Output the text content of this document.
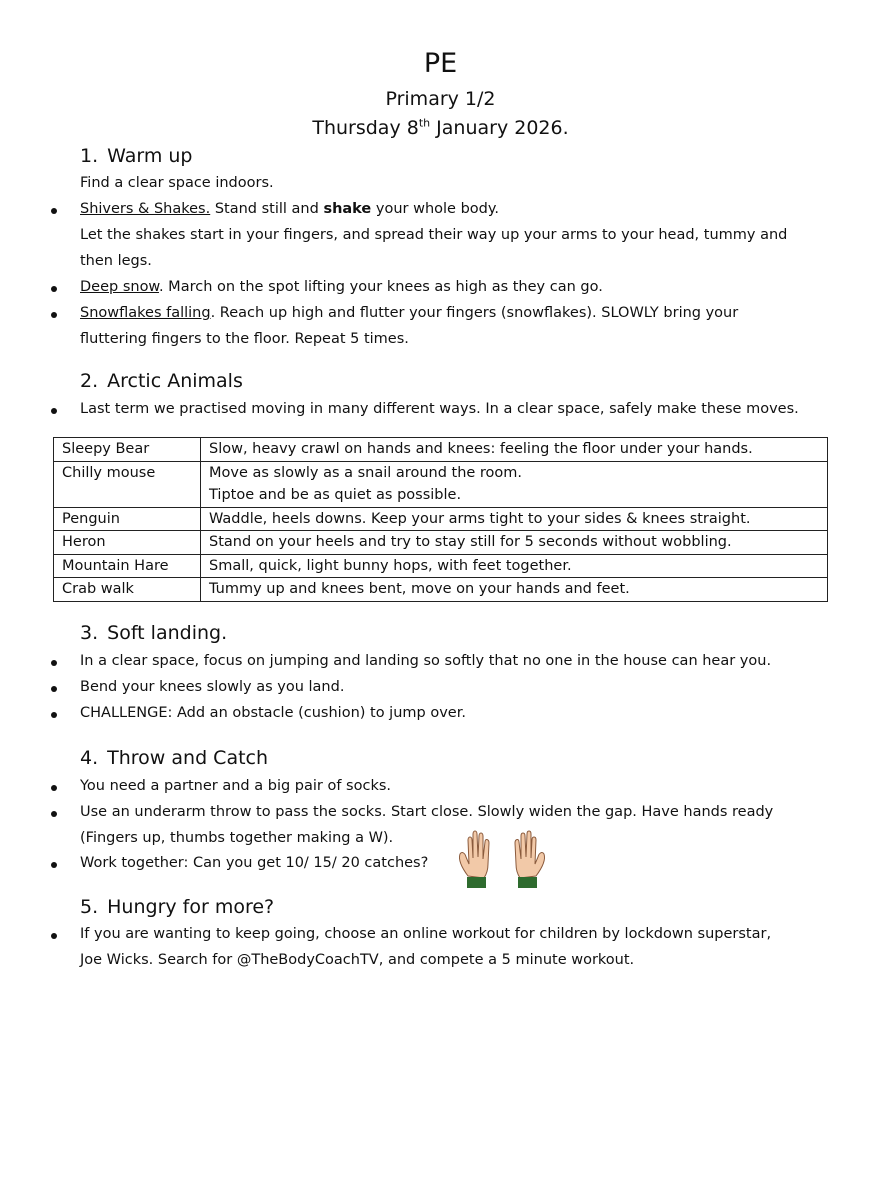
PE
Primary 1/2
Thursday 8th January 2026.
1. Warm up
Find a clear space indoors.
Shivers & Shakes. Stand still and shake your whole body.
Let the shakes start in your fingers, and spread their way up your arms to your head, tummy and
then legs.
Deep snow. March on the spot lifting your knees as high as they can go.
Snowflakes falling. Reach up high and flutter your fingers (snowflakes). SLOWLY bring your
fluttering fingers to the floor. Repeat 5 times.
2. Arctic Animals
Last term we practised moving in many different ways. In a clear space, safely make these moves.
Sleepy Bear	Slow, heavy crawl on hands and knees: feeling the floor under your hands.

Chilly mouse	Move as slowly as a snail around the room.
Tiptoe and be as quiet as possible.

Penguin	Waddle, heels downs. Keep your arms tight to your sides & knees straight.

Heron	Stand on your heels and try to stay still for 5 seconds without wobbling.

Mountain Hare	Small, quick, light bunny hops, with feet together.

Crab walk	Tummy up and knees bent, move on your hands and feet.
3. Soft landing.
In a clear space, focus on jumping and landing so softly that no one in the house can hear you.
Bend your knees slowly as you land.
CHALLENGE: Add an obstacle (cushion) to jump over.
4. Throw and Catch
You need a partner and a big pair of socks.
Use an underarm throw to pass the socks. Start close. Slowly widen the gap. Have hands ready
(Fingers up, thumbs together making a W).
Work together: Can you get 10/ 15/ 20 catches?
5. Hungry for more?
If you are wanting to keep going, choose an online workout for children by lockdown superstar,
Joe Wicks. Search for @TheBodyCoachTV, and compete a 5 minute workout.
